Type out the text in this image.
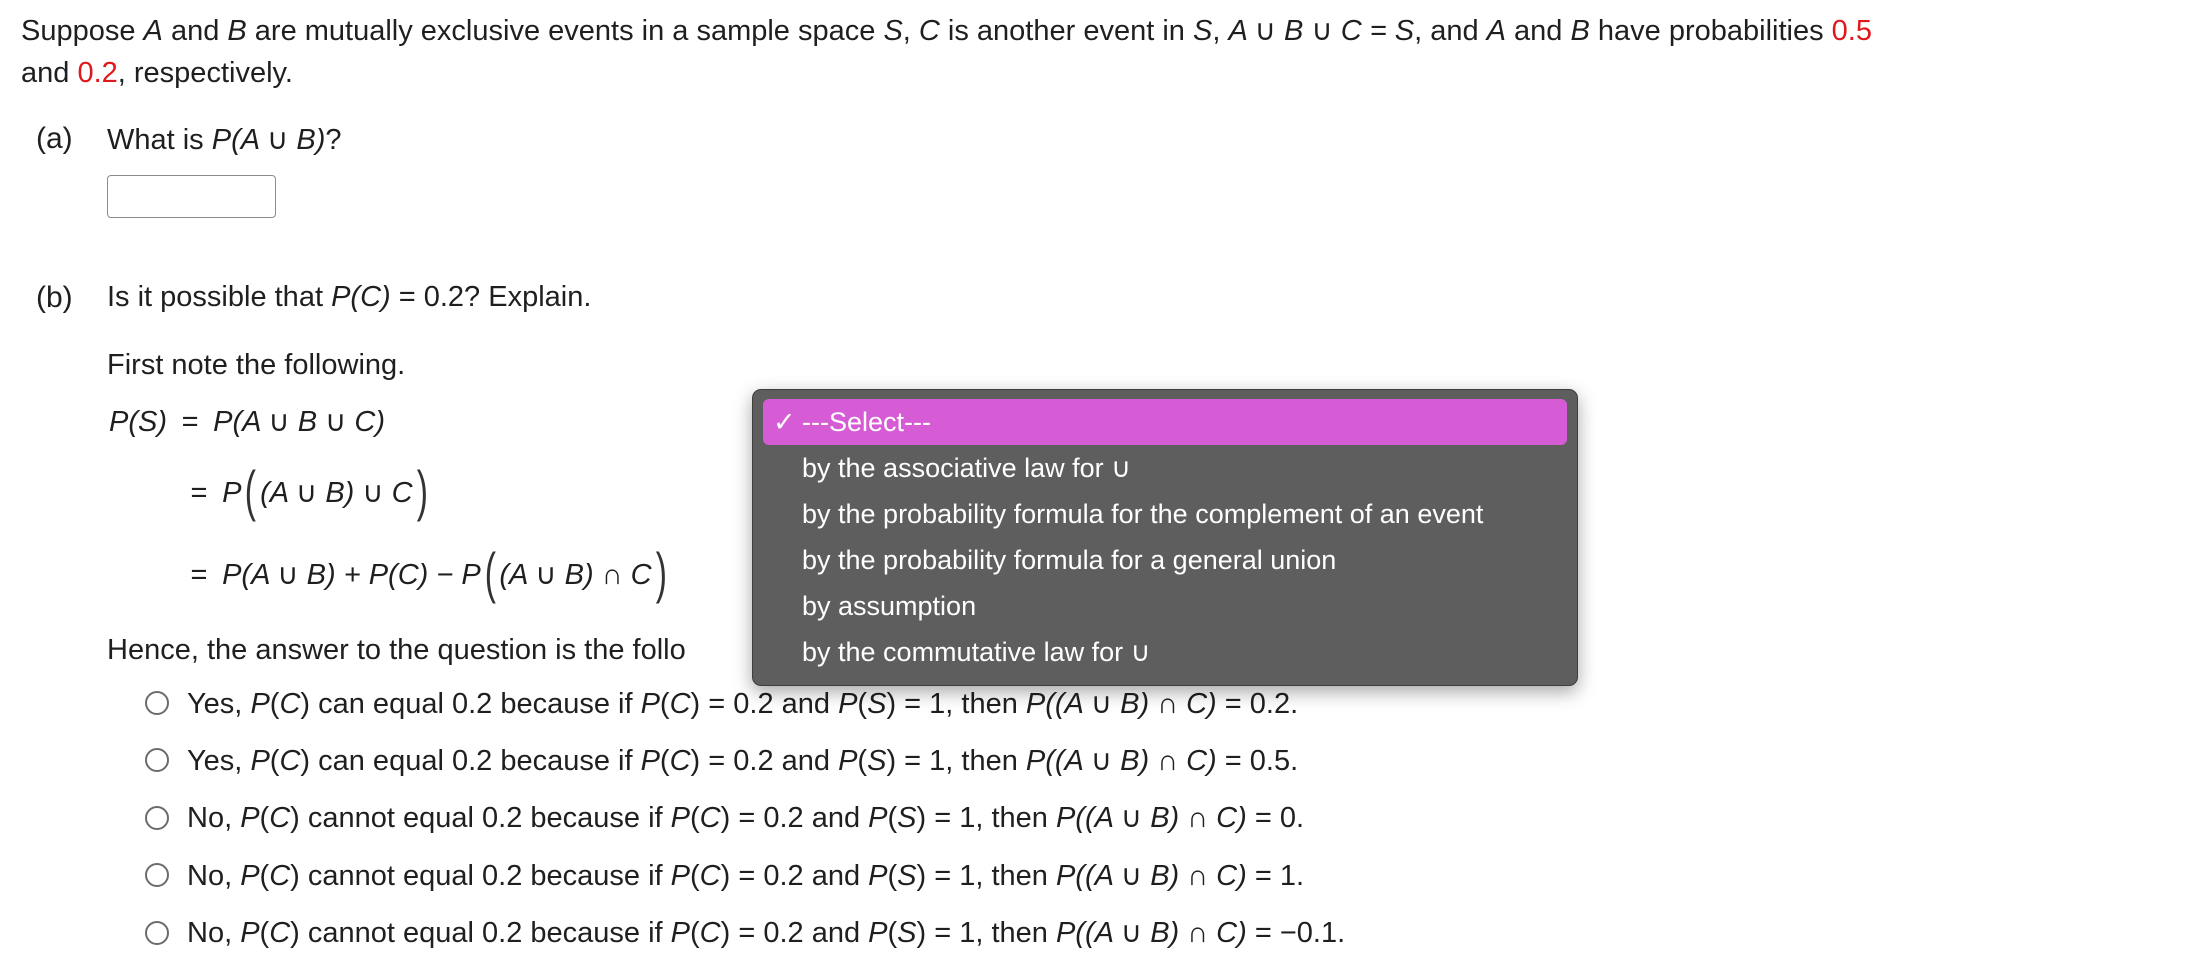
Suppose A and B are mutually exclusive events in a sample space S, C is another event in S, A ∪ B ∪ C = S, and A and B have probabilities 0.5
and 0.2, respectively.
(a) What is P(A ∪ B)?
(b) Is it possible that P(C) = 0.2? Explain.
First note the following.
P(S) = P(A ∪ B ∪ C)
= P( (A ∪ B) ∪ C)
= P(A ∪ B) + P(C) − P( (A ∪ B) ∩ C)
Hence, the answer to the question is the follo
Yes, P(C) can equal 0.2 because if P(C) = 0.2 and P(S) = 1, then P((A ∪ B) ∩ C) = 0.2.
Yes, P(C) can equal 0.2 because if P(C) = 0.2 and P(S) = 1, then P((A ∪ B) ∩ C) = 0.5.
No, P(C) cannot equal 0.2 because if P(C) = 0.2 and P(S) = 1, then P((A ∪ B) ∩ C) = 0.
No, P(C) cannot equal 0.2 because if P(C) = 0.2 and P(S) = 1, then P((A ∪ B) ∩ C) = 1.
No, P(C) cannot equal 0.2 because if P(C) = 0.2 and P(S) = 1, then P((A ∪ B) ∩ C) = −0.1.
✓ ---Select---
by the associative law for ∪
by the probability formula for the complement of an event
by the probability formula for a general union
by assumption
by the commutative law for ∪
